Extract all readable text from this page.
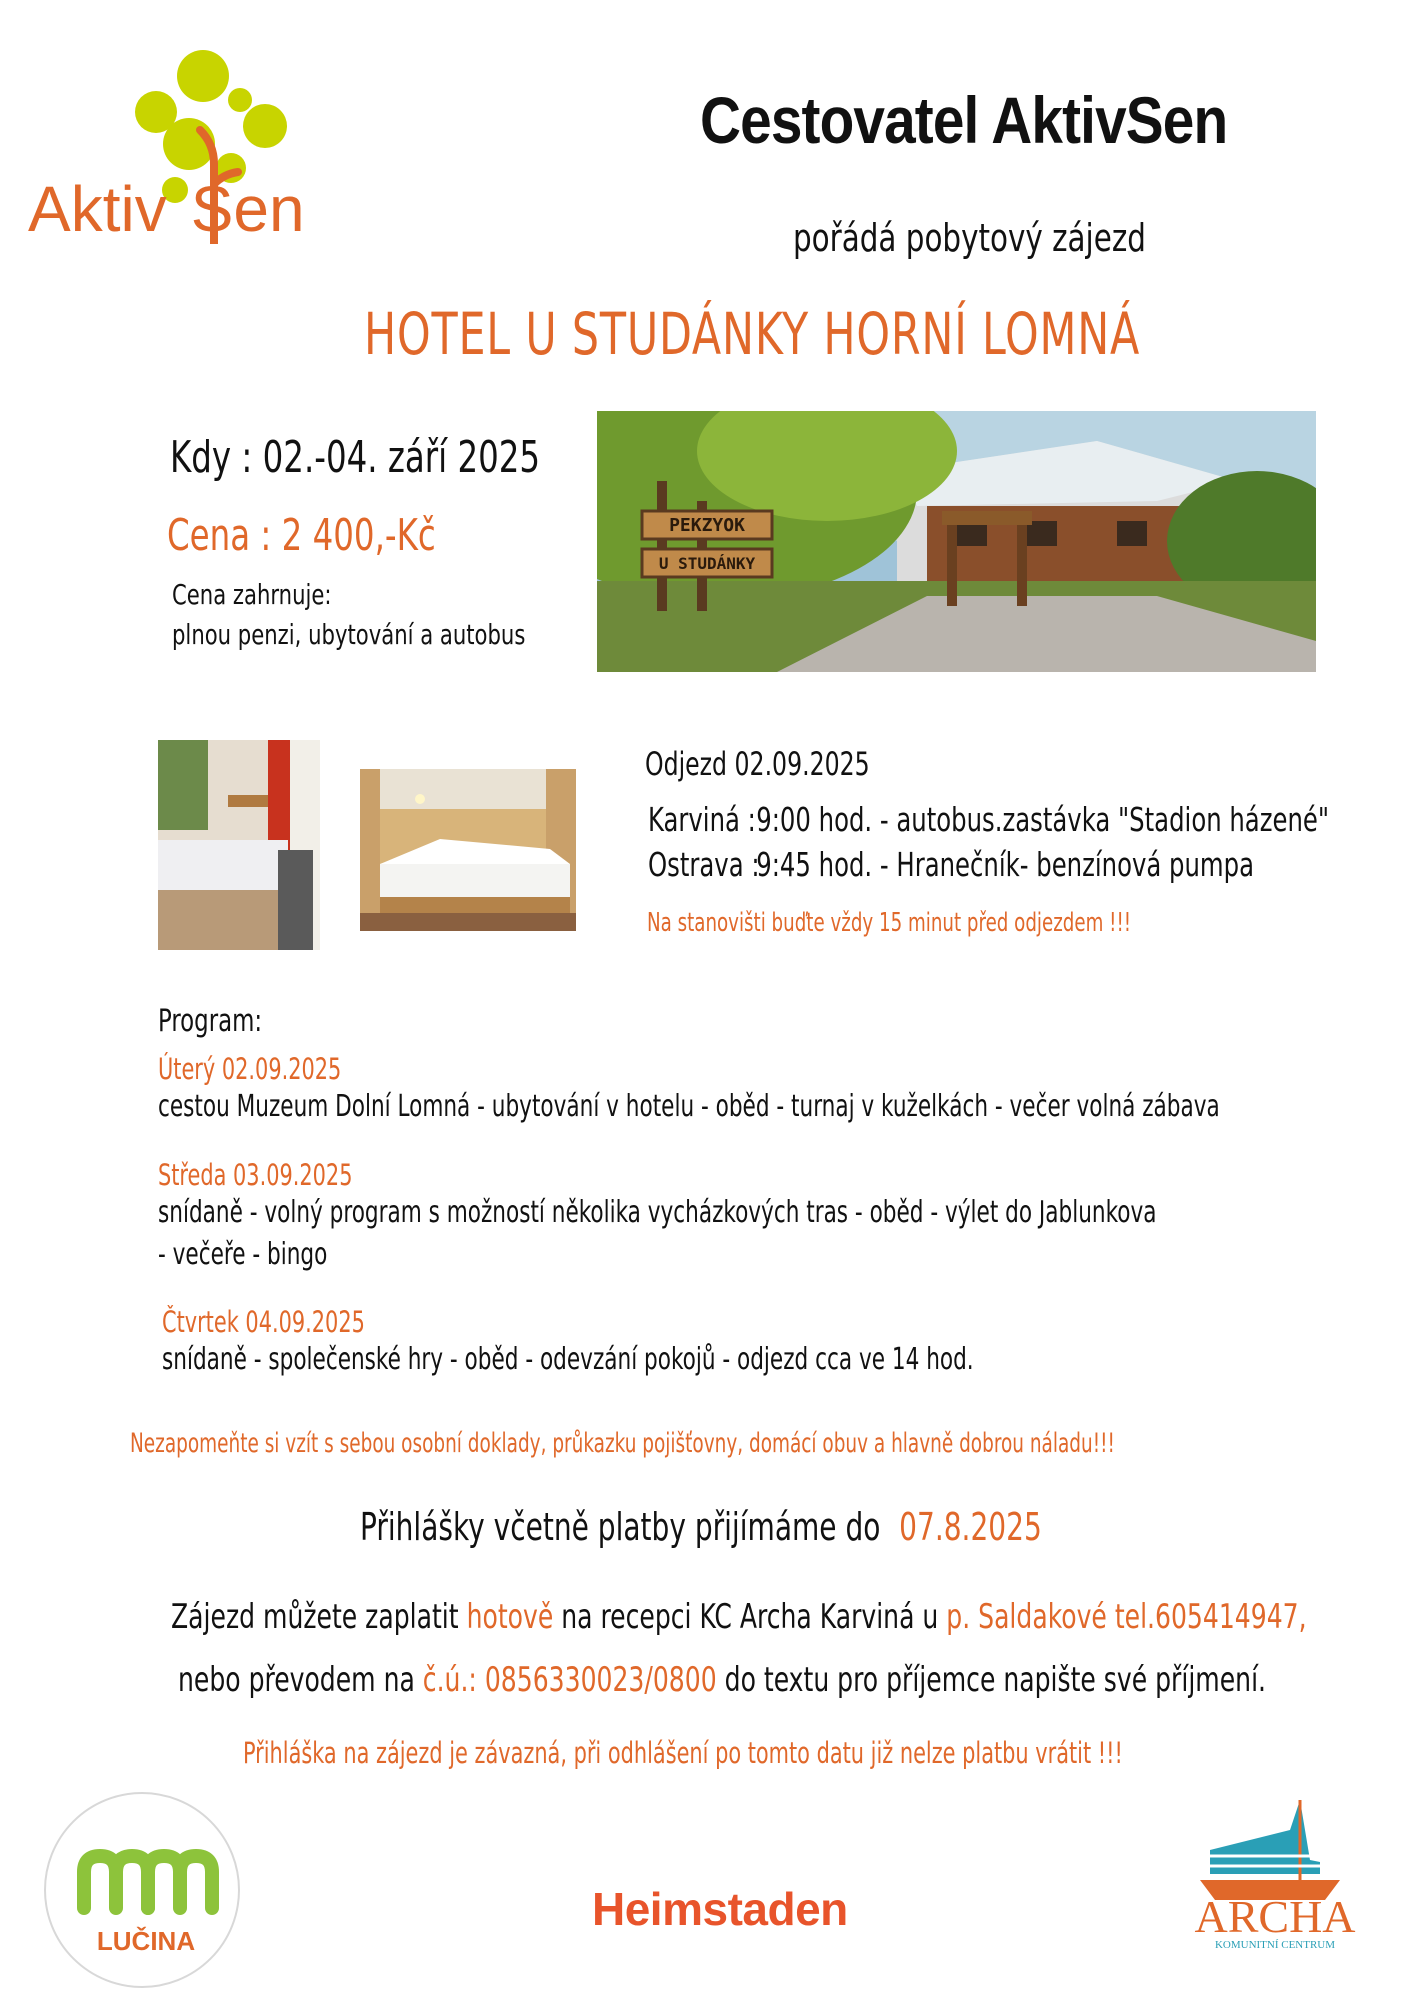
Aktiv Sen
Cestovatel AktivSen
pořádá pobytový zájezd
HOTEL U STUDÁNKY HORNÍ LOMNÁ
Kdy : 02.-04. září 2025
Cena : 2 400,-Kč
Cena zahrnuje:
plnou penzi, ubytování a autobus
PEKZYOK
U STUDÁNKY
Odjezd 02.09.2025
Karviná :9:00 hod. - autobus.zastávka "Stadion házené"
Ostrava :9:45 hod. - Hranečník- benzínová pumpa
Na stanovišti buďte vždy 15 minut před odjezdem !!!
Program:
Úterý 02.09.2025
cestou Muzeum Dolní Lomná - ubytování v hotelu - oběd - turnaj v kuželkách - večer volná zábava
Středa 03.09.2025
snídaně - volný program s možností několika vycházkových tras - oběd - výlet do Jablunkova
- večeře - bingo
Čtvrtek 04.09.2025
snídaně - společenské hry - oběd - odevzání pokojů - odjezd cca ve 14 hod.
Nezapomeňte si vzít s sebou osobní doklady, průkazku pojišťovny, domácí obuv a hlavně dobrou náladu!!!
Přihlášky včetně platby přijímáme do 07.8.2025
Zájezd můžete zaplatit hotově na recepci KC Archa Karviná u p. Saldakové tel.605414947,
nebo převodem na č.ú.: 0856330023/0800 do textu pro příjemce napište své příjmení.
Přihláška na zájezd je závazná, při odhlášení po tomto datu již nelze platbu vrátit !!!
LUČINA
Heimstaden	ARCHA
KOMUNITNÍ CENTRUM
